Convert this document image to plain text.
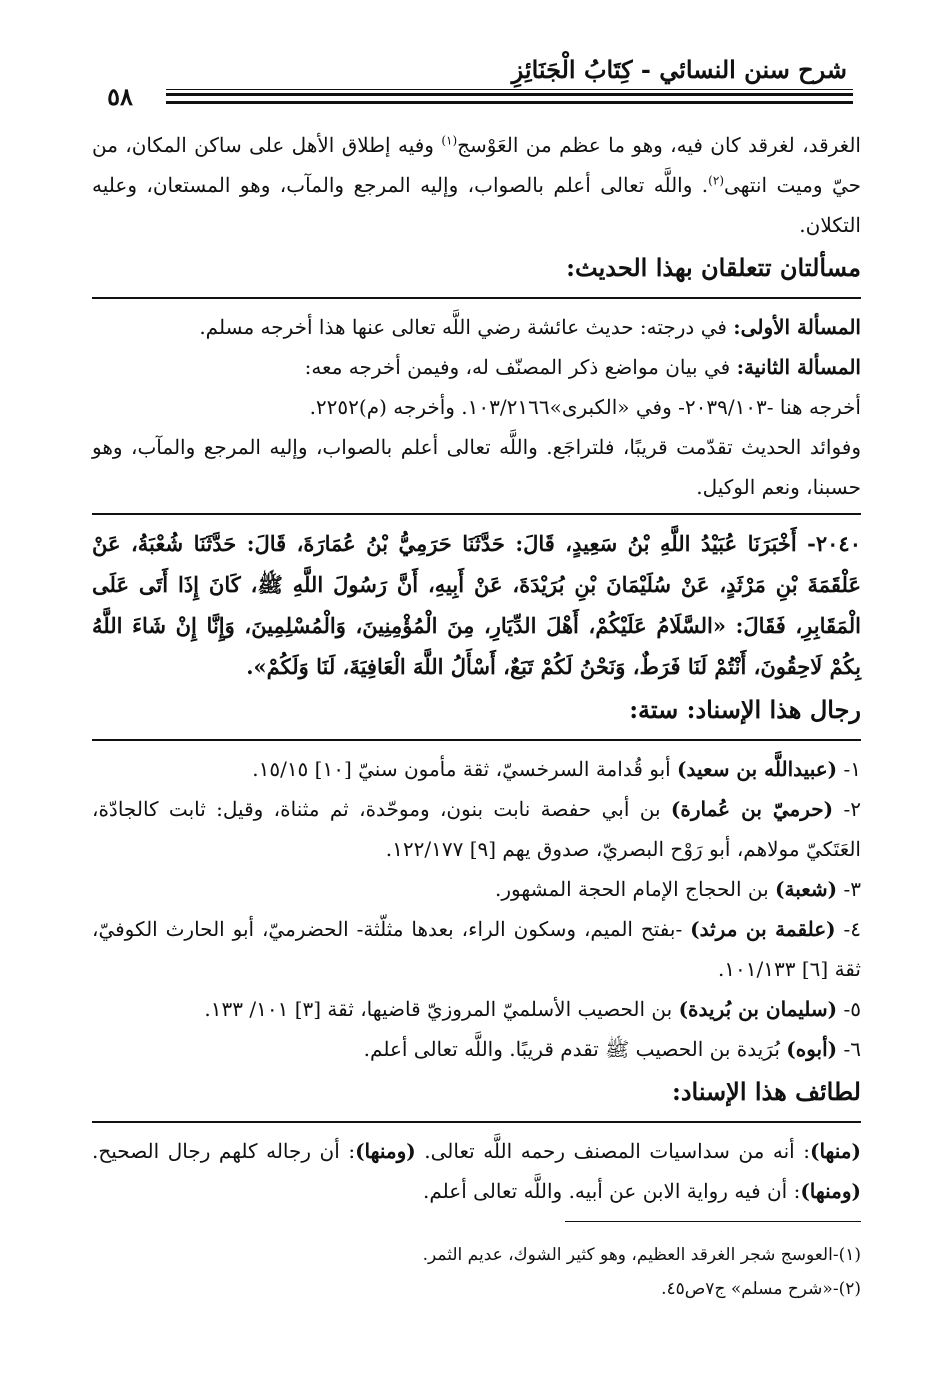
شرح سنن النسائي - كِتَابُ الْجَنَائِزِ
٥٨

الغرقد، لغرقد كان فيه، وهو ما عظم من العَوْسج$^{(١)}$ وفيه إطلاق الأهل على ساكن المكان، من حيّ وميت انتهى$^{(٢)}$. واللَّه تعالى أعلم بالصواب، وإليه المرجع والمآب، وهو المستعان، وعليه التكلان.

مسألتان تتعلقان بهذا الحديث:

المسألة الأولى: في درجته: حديث عائشة رضي اللَّه تعالى عنها هذا أخرجه مسلم.

المسألة الثانية: في بيان مواضع ذكر المصنّف له، وفيمن أخرجه معه:

أخرجه هنا -٢٠٣٩/١٠٣- وفي «الكبرى»١٠٣/٢١٦٦. وأخرجه (م)٢٢٥٢.

وفوائد الحديث تقدّمت قريبًا، فلتراجَع. واللَّه تعالى أعلم بالصواب، وإليه المرجع والمآب، وهو حسبنا، ونعم الوكيل.

٢٠٤٠- أَخْبَرَنَا عُبَيْدُ اللَّهِ بْنُ سَعِيدٍ، قَالَ: حَدَّثَنَا حَرَمِيُّ بْنُ عُمَارَةَ، قَالَ: حَدَّثَنَا شُعْبَةُ، عَنْ عَلْقَمَةَ بْنِ مَرْثَدٍ، عَنْ سُلَيْمَانَ بْنِ بُرَيْدَةَ، عَنْ أَبِيهِ، أَنَّ رَسُولَ اللَّهِ ﷺ، كَانَ إِذَا أَتَى عَلَى الْمَقَابِرِ، فَقَالَ: «السَّلَامُ عَلَيْكُمْ، أَهْلَ الدِّيَارِ، مِنَ الْمُؤْمِنِينَ، وَالْمُسْلِمِينَ، وَإِنَّا إِنْ شَاءَ اللَّهُ بِكُمْ لَاحِقُونَ، أَنْتُمْ لَنَا فَرَطٌ، وَنَحْنُ لَكُمْ تَبَعٌ، أَسْأَلُ اللَّهَ الْعَافِيَةَ، لَنَا وَلَكُمْ».

رجال هذا الإسناد: ستة:

١- (عبيداللَّه بن سعيد) أبو قُدامة السرخسيّ، ثقة مأمون سنيّ [١٠] ١٥/١٥.

٢- (حرميّ بن عُمارة) بن أبي حفصة نابت بنون، وموحّدة، ثم مثناة، وقيل: ثابت كالجادّة، العَتَكيّ مولاهم، أبو رَوْح البصريّ، صدوق يهم [٩] ١٢٢/١٧٧.

٣- (شعبة) بن الحجاج الإمام الحجة المشهور.

٤- (علقمة بن مرثد) -بفتح الميم، وسكون الراء، بعدها مثلّثة- الحضرميّ، أبو الحارث الكوفيّ، ثقة [٦] ١٠١/١٣٣.

٥- (سليمان بن بُريدة) بن الحصيب الأسلميّ المروزيّ قاضيها، ثقة [٣] ١٠١/ ١٣٣.

٦- (أبوه) بُرَيدة بن الحصيب ﷺ تقدم قريبًا. واللَّه تعالى أعلم.

لطائف هذا الإسناد:

(منها): أنه من سداسيات المصنف رحمه اللَّه تعالى. (ومنها): أن رجاله كلهم رجال الصحيح. (ومنها): أن فيه رواية الابن عن أبيه. واللَّه تعالى أعلم.

(١)-العوسج شجر الغرقد العظيم، وهو كثير الشوك، عديم الثمر.
(٢)-«شرح مسلم» ج٧ص٤٥.
